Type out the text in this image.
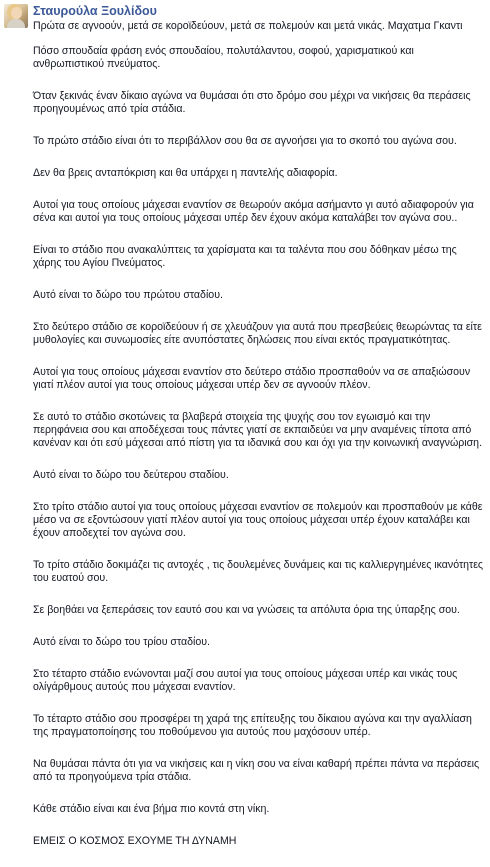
Σταυρούλα Ξουλίδου

Πρώτα σε αγνοούν, μετά σε κοροϊδεύουν, μετά σε πολεμούν και μετά νικάς. Μαχατμα Γκαντι

Πόσο σπουδαία φράση ενός σπουδαίου, πολυτάλαντου, σοφού, χαρισματικού και ανθρωπιστικού πνεύματος.

Όταν ξεκινάς έναν δίκαιο αγώνα να θυμάσαι ότι στο δρόμο σου μέχρι να νικήσεις θα περάσεις προηγουμένως από τρία στάδια.

Το πρώτο στάδιο είναι ότι το περιβάλλον σου θα σε αγνοήσει για το σκοπό του αγώνα σου.

Δεν θα βρεις ανταπόκριση και θα υπάρχει η παντελής αδιαφορία.

Αυτοί για τους οποίους μάχεσαι εναντίον σε θεωρούν ακόμα ασήμαντο γι αυτό αδιαφορούν για σένα και αυτοί για τους οποίους μάχεσαι υπέρ δεν έχουν ακόμα καταλάβει τον αγώνα σου..

Είναι το στάδιο που ανακαλύπτεις τα χαρίσματα και τα ταλέντα που σου δόθηκαν μέσω της χάρης του Αγίου Πνεύματος.

Αυτό είναι το δώρο του πρώτου σταδίου.

Στο δεύτερο στάδιο σε κοροϊδεύουν ή σε χλευάζουν για αυτά που πρεσβεύεις θεωρώντας τα είτε μυθολογίες και συνωμοσίες είτε ανυπόστατες δηλώσεις που είναι εκτός πραγματικότητας.

Αυτοί για τους οποίους μάχεσαι εναντίον στο δεύτερο στάδιο προσπαθούν να σε απαξιώσουν γιατί πλέον αυτοί για τους οποίους μάχεσαι υπέρ δεν σε αγνοούν πλέον.

Σε αυτό το στάδιο σκοτώνεις τα βλαβερά στοιχεία της ψυχής σου τον εγωισμό και την περηφάνεια σου και αποδέχεσαι τους πάντες γιατί σε εκπαιδεύει να μην αναμένεις τίποτα από κανέναν και ότι εσύ μάχεσαι από πίστη για τα ιδανικά σου και όχι για την κοινωνική αναγνώριση.

Αυτό είναι το δώρο του δεύτερου σταδίου.

Στο τρίτο στάδιο αυτοί για τους οποίους μάχεσαι εναντίον σε πολεμούν και προσπαθούν με κάθε μέσο να σε εξοντώσουν γιατί πλέον αυτοί για τους οποίους μάχεσαι υπέρ έχουν καταλάβει και έχουν αποδεχτεί τον αγώνα σου.

Το τρίτο στάδιο δοκιμάζει τις αντοχές , τις δουλεμένες δυνάμεις και τις καλλιεργημένες ικανότητες του ευατού σου.

Σε βοηθάει να ξεπεράσεις τον εαυτό σου και να γνώσεις τα απόλυτα όρια της ύπαρξης σου.

Αυτό είναι το δώρο του τρίου σταδίου.

Στο τέταρτο στάδιο ενώνονται μαζί σου αυτοί για τους οποίους μάχεσαι υπέρ και νικάς τους ολίγάρθμους αυτούς που μάχεσαι εναντίον.

Το τέταρτο στάδιο σου προσφέρει τη χαρά της επίτευξης του δίκαιου αγώνα και την αγαλλίαση της πραγματοποίησης του ποθούμενου για αυτούς που μαχόσουν υπέρ.

Να θυμάσαι πάντα ότι για να νικήσεις και η νίκη σου να είναι καθαρή πρέπει πάντα να περάσεις από τα προηγούμενα τρία στάδια.

Κάθε στάδιο είναι και ένα βήμα πιο κοντά στη νίκη.

ΕΜΕΙΣ Ο ΚΟΣΜΟΣ ΕΧΟΥΜΕ ΤΗ ΔΥΝΑΜΗ
